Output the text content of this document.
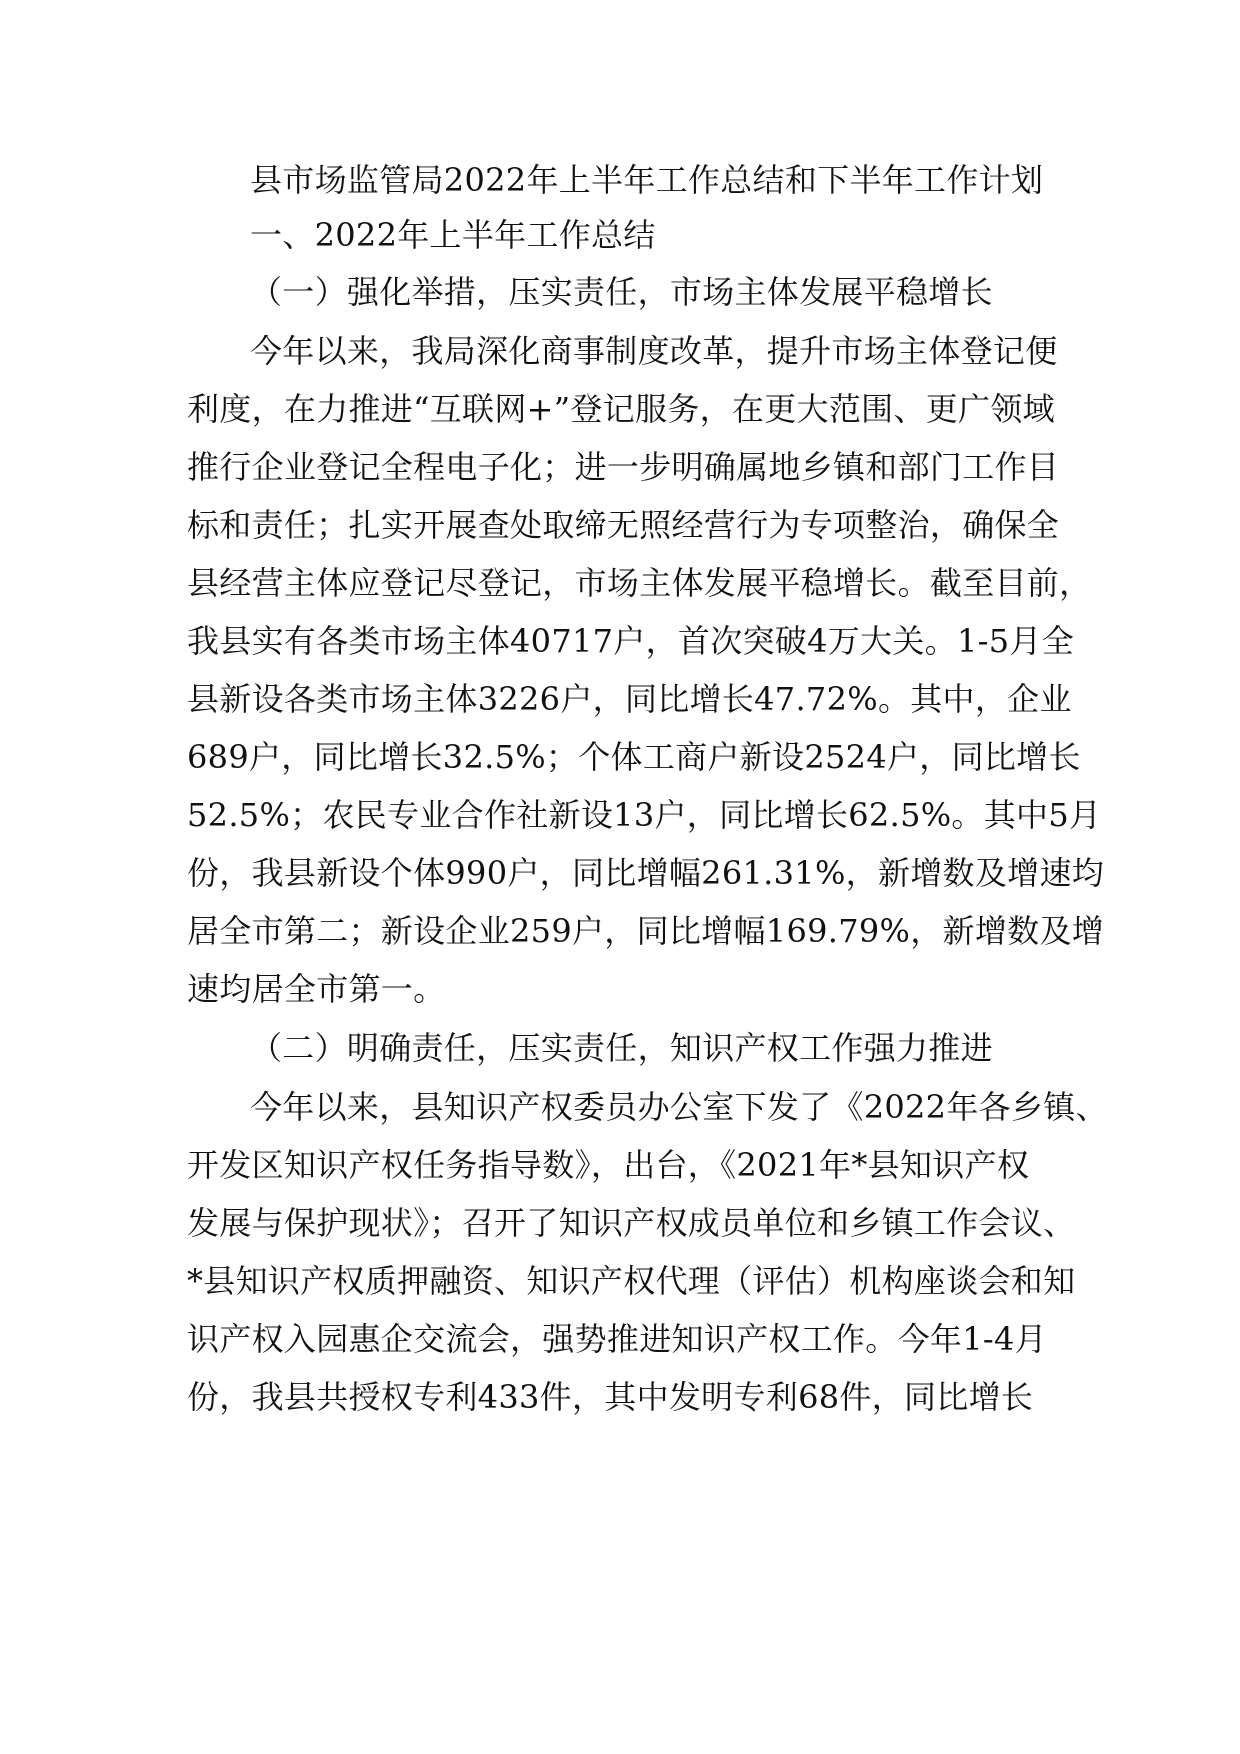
县市场监管局2022年上半年工作总结和下半年工作计划
一、2022年上半年工作总结
（一）强化举措，压实责任，市场主体发展平稳增长
今年以来，我局深化商事制度改革，提升市场主体登记便
利度，在力推进“互联网+”登记服务，在更大范围、更广领域
推行企业登记全程电子化；进一步明确属地乡镇和部门工作目
标和责任；扎实开展查处取缔无照经营行为专项整治，确保全
县经营主体应登记尽登记，市场主体发展平稳增长。截至目前，
我县实有各类市场主体40717户，首次突破4万大关。1-5月全
县新设各类市场主体3226户，同比增长47.72%。其中，企业
689户，同比增长32.5%；个体工商户新设2524户，同比增长
52.5%；农民专业合作社新设13户，同比增长62.5%。其中5月
份，我县新设个体990户，同比增幅261.31%，新增数及增速均
居全市第二；新设企业259户，同比增幅169.79%，新增数及增
速均居全市第一。
（二）明确责任，压实责任，知识产权工作强力推进
今年以来，县知识产权委员办公室下发了《2022年各乡镇、
开发区知识产权任务指导数》，出台，《2021年*县知识产权
发展与保护现状》；召开了知识产权成员单位和乡镇工作会议、
*县知识产权质押融资、知识产权代理（评估）机构座谈会和知
识产权入园惠企交流会，强势推进知识产权工作。今年1-4月
份，我县共授权专利433件，其中发明专利68件，同比增长
